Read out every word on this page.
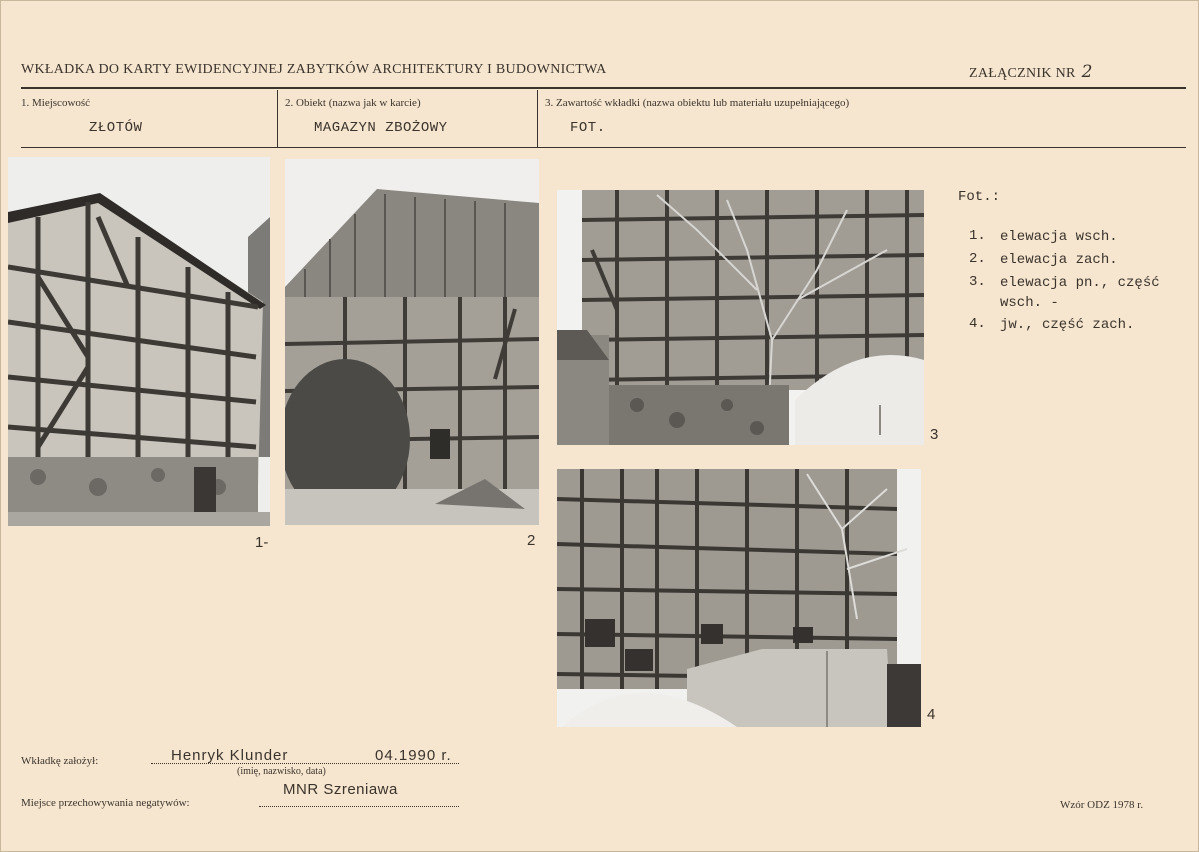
WKŁADKA DO KARTY EWIDENCYJNEJ ZABYTKÓW ARCHITEKTURY I BUDOWNICTWA	ZAŁĄCZNIK NR 2
1. Miejscowość
ZŁOTÓW
2. Obiekt (nazwa jak w karcie)
MAGAZYN ZBOŻOWY
3. Zawartość wkładki (nazwa obiektu lub materiału uzupełniającego)
FOT.
1-	2
3
4
Fot.:
1.	elewacja wsch.
2.	elewacja zach.
3.	elewacja pn., część wsch. -
4.	jw., część zach.
Wkładkę założył:	Henryk Klunder	04.1990 r.
(imię, nazwisko, data)
Miejsce przechowywania negatywów:
MNR Szreniawa
Wzór ODZ 1978 r.
